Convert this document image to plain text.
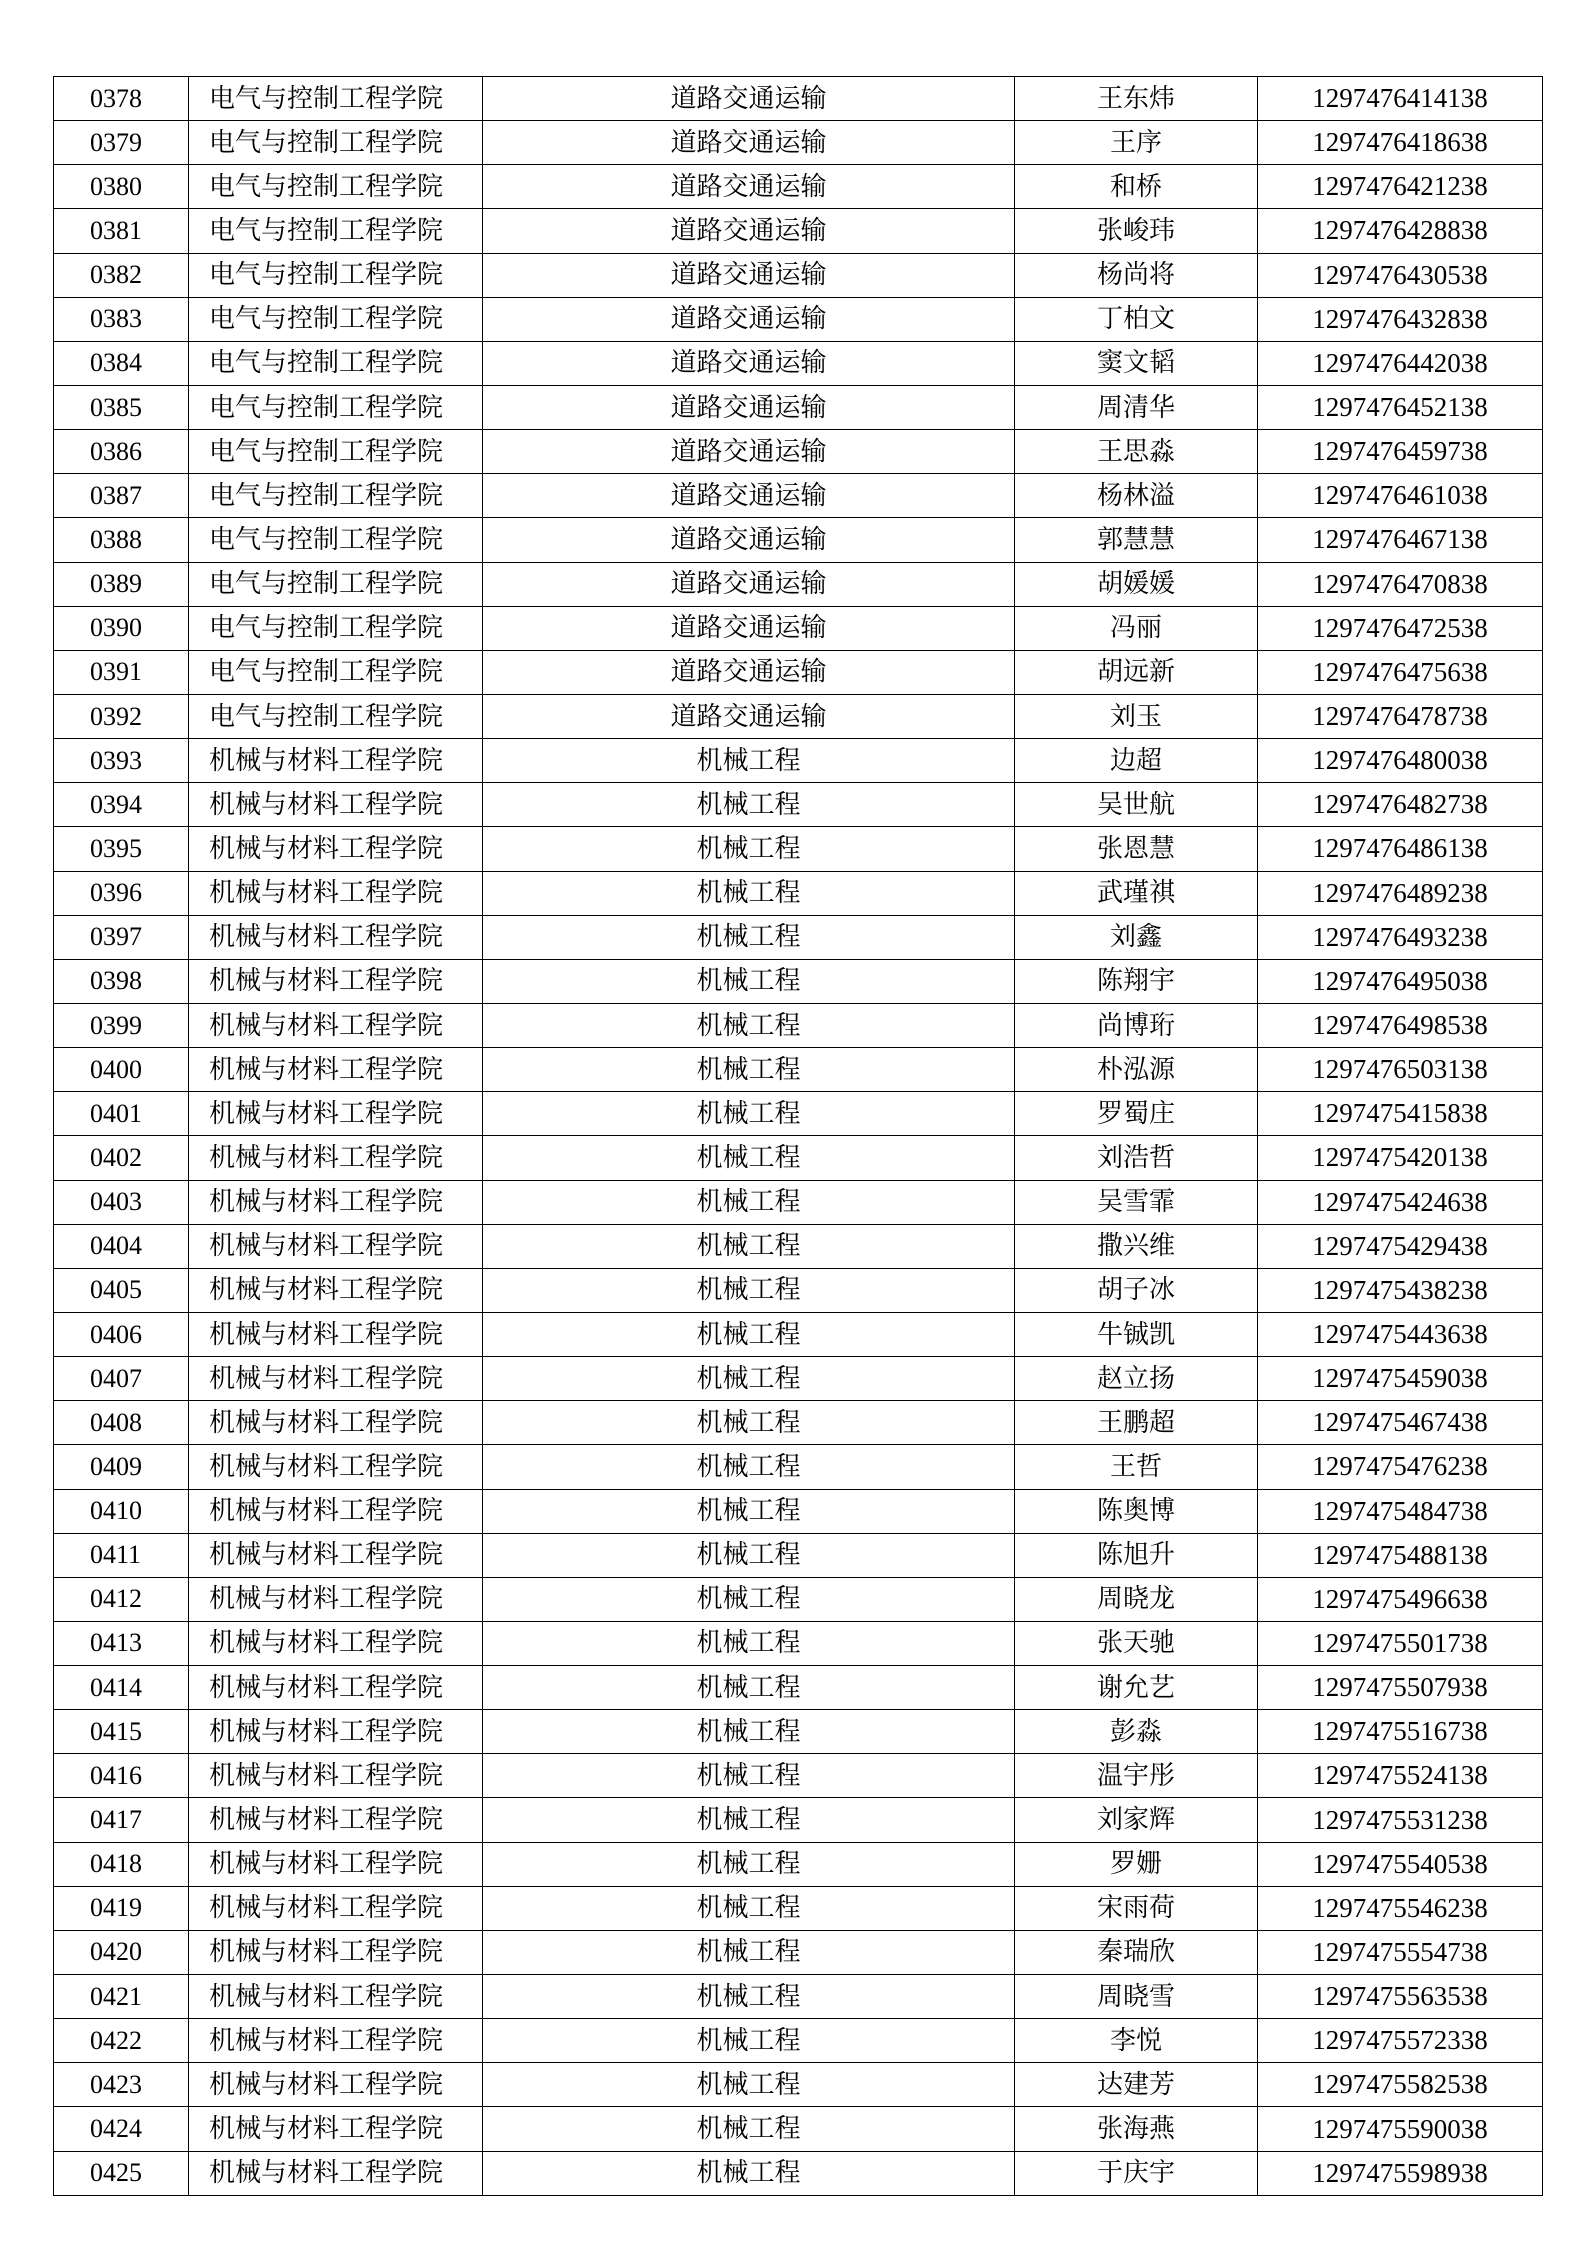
0378	电气与控制工程学院	道路交通运输	王东炜	1297476414138
0379	电气与控制工程学院	道路交通运输	王序	1297476418638
0380	电气与控制工程学院	道路交通运输	和桥	1297476421238
0381	电气与控制工程学院	道路交通运输	张峻玮	1297476428838
0382	电气与控制工程学院	道路交通运输	杨尚将	1297476430538
0383	电气与控制工程学院	道路交通运输	丁柏文	1297476432838
0384	电气与控制工程学院	道路交通运输	窦文韬	1297476442038
0385	电气与控制工程学院	道路交通运输	周清华	1297476452138
0386	电气与控制工程学院	道路交通运输	王思淼	1297476459738
0387	电气与控制工程学院	道路交通运输	杨林溢	1297476461038
0388	电气与控制工程学院	道路交通运输	郭慧慧	1297476467138
0389	电气与控制工程学院	道路交通运输	胡媛媛	1297476470838
0390	电气与控制工程学院	道路交通运输	冯丽	1297476472538
0391	电气与控制工程学院	道路交通运输	胡远新	1297476475638
0392	电气与控制工程学院	道路交通运输	刘玉	1297476478738
0393	机械与材料工程学院	机械工程	边超	1297476480038
0394	机械与材料工程学院	机械工程	吴世航	1297476482738
0395	机械与材料工程学院	机械工程	张恩慧	1297476486138
0396	机械与材料工程学院	机械工程	武瑾祺	1297476489238
0397	机械与材料工程学院	机械工程	刘鑫	1297476493238
0398	机械与材料工程学院	机械工程	陈翔宇	1297476495038
0399	机械与材料工程学院	机械工程	尚博珩	1297476498538
0400	机械与材料工程学院	机械工程	朴泓源	1297476503138
0401	机械与材料工程学院	机械工程	罗蜀庄	1297475415838
0402	机械与材料工程学院	机械工程	刘浩哲	1297475420138
0403	机械与材料工程学院	机械工程	吴雪霏	1297475424638
0404	机械与材料工程学院	机械工程	撒兴维	1297475429438
0405	机械与材料工程学院	机械工程	胡子冰	1297475438238
0406	机械与材料工程学院	机械工程	牛铖凯	1297475443638
0407	机械与材料工程学院	机械工程	赵立扬	1297475459038
0408	机械与材料工程学院	机械工程	王鹏超	1297475467438
0409	机械与材料工程学院	机械工程	王哲	1297475476238
0410	机械与材料工程学院	机械工程	陈奥博	1297475484738
0411	机械与材料工程学院	机械工程	陈旭升	1297475488138
0412	机械与材料工程学院	机械工程	周晓龙	1297475496638
0413	机械与材料工程学院	机械工程	张天驰	1297475501738
0414	机械与材料工程学院	机械工程	谢允艺	1297475507938
0415	机械与材料工程学院	机械工程	彭淼	1297475516738
0416	机械与材料工程学院	机械工程	温宇彤	1297475524138
0417	机械与材料工程学院	机械工程	刘家辉	1297475531238
0418	机械与材料工程学院	机械工程	罗姗	1297475540538
0419	机械与材料工程学院	机械工程	宋雨荷	1297475546238
0420	机械与材料工程学院	机械工程	秦瑞欣	1297475554738
0421	机械与材料工程学院	机械工程	周晓雪	1297475563538
0422	机械与材料工程学院	机械工程	李悦	1297475572338
0423	机械与材料工程学院	机械工程	达建芳	1297475582538
0424	机械与材料工程学院	机械工程	张海燕	1297475590038
0425	机械与材料工程学院	机械工程	于庆宇	1297475598938
